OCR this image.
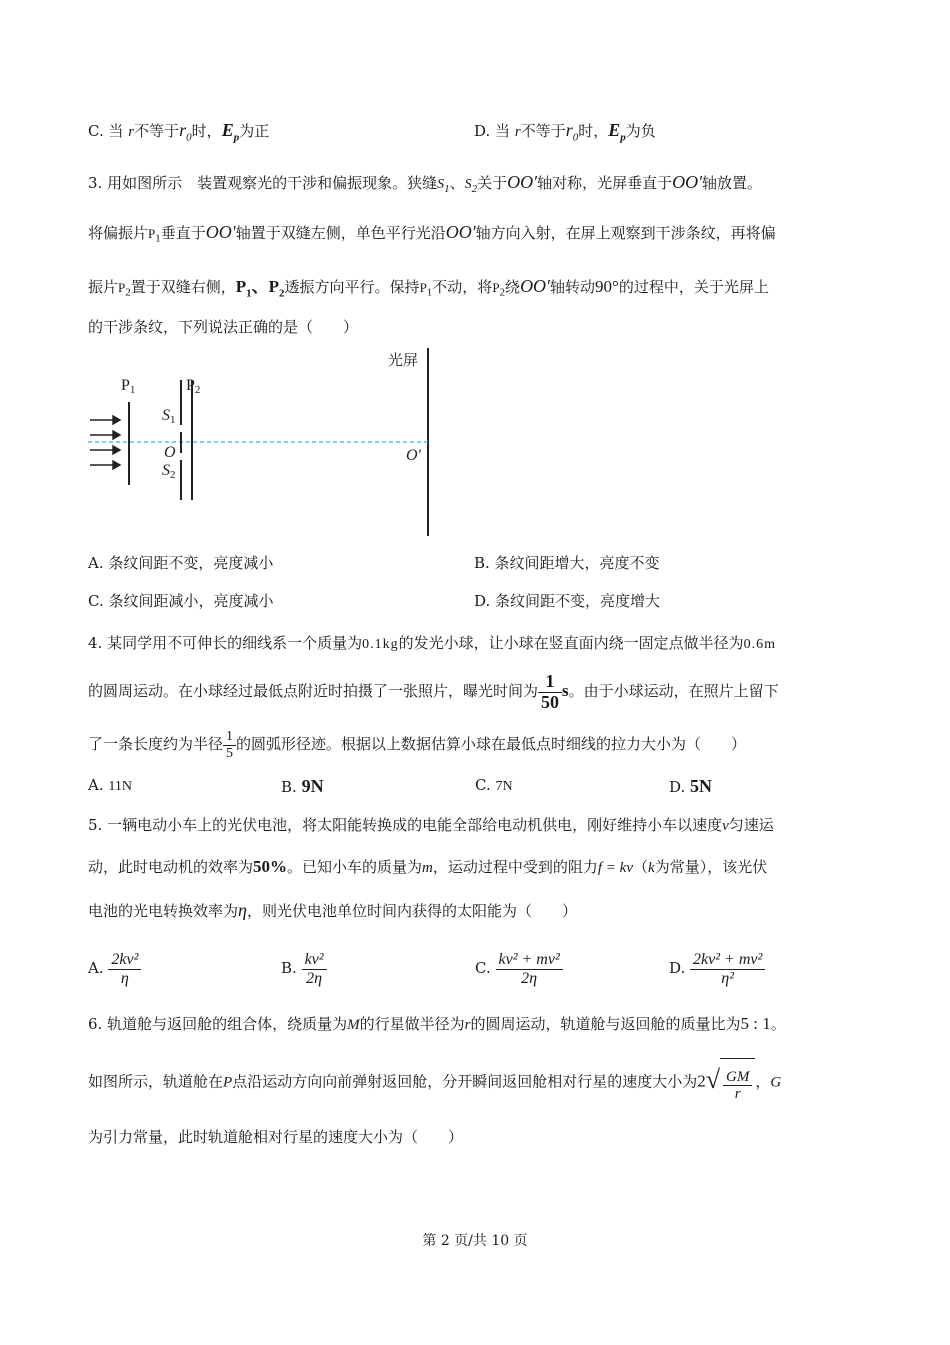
C. 当 r不等于$r_0$时，$E_p$为正	D. 当 r不等于$r_0$时，$E_p$为负
3. 用如图所示　装置观察光的干涉和偏振现象。狭缝$S_1$、$S_2$关于OO′轴对称，光屏垂直于OO′轴放置。
将偏振片$P_1$垂直于OO′轴置于双缝左侧，单色平行光沿OO′轴方向入射，在屏上观察到干涉条纹，再将偏
振片$P_2$置于双缝右侧，$P_1$、$P_2$透振方向平行。保持$P_1$不动，将$P_2$绕OO′轴转动90°的过程中，关于光屏上
的干涉条纹，下列说法正确的是（　　）
光屏
P1	P2
S1
O
S2
O′
A. 条纹间距不变，亮度减小	B. 条纹间距增大，亮度不变
C. 条纹间距减小，亮度减小	D. 条纹间距不变，亮度增大
4. 某同学用不可伸长的细线系一个质量为0.1kg的发光小球，让小球在竖直面内绕一固定点做半径为0.6m
的圆周运动。在小球经过最低点附近时拍摄了一张照片，曝光时间为 $\frac{1}{50}$ s。由于小球运动，在照片上留下
了一条长度约为半径 $\frac{1}{5}$ 的圆弧形径迹。根据以上数据估算小球在最低点时细线的拉力大小为（　　）
A. 11N	B. 9N	C. 7N	D. 5N
5. 一辆电动小车上的光伏电池，将太阳能转换成的电能全部给电动机供电，刚好维持小车以速度v匀速运
动，此时电动机的效率为50%。已知小车的质量为m，运动过程中受到的阻力f = kv（k为常量），该光伏
电池的光电转换效率为η，则光伏电池单位时间内获得的太阳能为（　　）
A. $\frac{\text{2kv²}}{\eta}$	B. $\frac{\text{kv²}}{2\eta}$	C. $\frac{\text{kv² + mv²}}{2\eta}$	D. $\frac{\text{2kv² + mv²}}{\text{η²}}$
6. 轨道舱与返回舱的组合体，绕质量为M的行星做半径为r的圆周运动，轨道舱与返回舱的质量比为5 : 1。
如图所示，轨道舱在P点沿运动方向向前弹射返回舱，分开瞬间返回舱相对行星的速度大小为$2√ \frac{GM}{r}$ ，G
为引力常量，此时轨道舱相对行星的速度大小为（　　）
第 2 页/共 10 页
